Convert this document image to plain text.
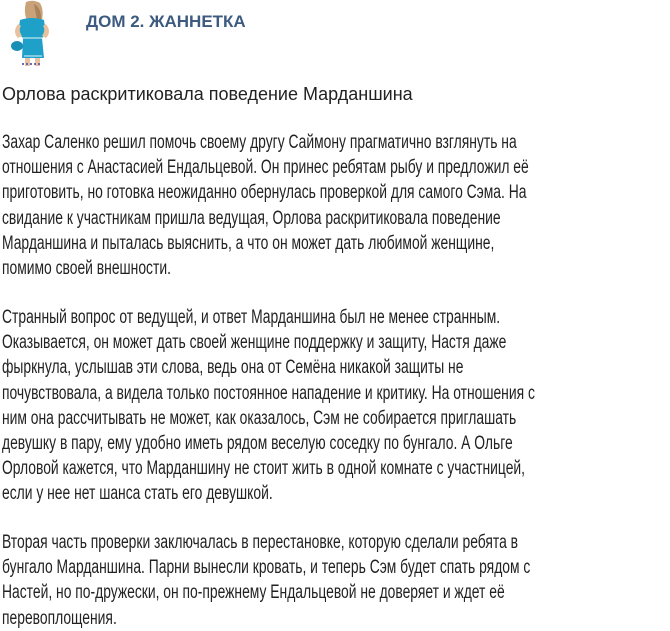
ДОМ 2. ЖАННЕТКА
Орлова раскритиковала поведение Марданшина
Захар Саленко решил помочь своему другу Саймону прагматично взглянуть на
отношения с Анастасией Ендальцевой. Он принес ребятам рыбу и предложил её
приготовить, но готовка неожиданно обернулась проверкой для самого Сэма. На
свидание к участникам пришла ведущая, Орлова раскритиковала поведение
Марданшина и пыталась выяснить, а что он может дать любимой женщине,
помимо своей внешности.
Странный вопрос от ведущей, и ответ Марданшина был не менее странным.
Оказывается, он может дать своей женщине поддержку и защиту, Настя даже
фыркнула, услышав эти слова, ведь она от Семёна никакой защиты не
почувствовала, а видела только постоянное нападение и критику. На отношения с
ним она рассчитывать не может, как оказалось, Сэм не собирается приглашать
девушку в пару, ему удобно иметь рядом веселую соседку по бунгало. А Ольге
Орловой кажется, что Марданшину не стоит жить в одной комнате с участницей,
если у нее нет шанса стать его девушкой.
Вторая часть проверки заключалась в перестановке, которую сделали ребята в
бунгало Марданшина. Парни вынесли кровать, и теперь Сэм будет спать рядом с
Настей, но по-дружески, он по-прежнему Ендальцевой не доверяет и ждет её
перевоплощения.
